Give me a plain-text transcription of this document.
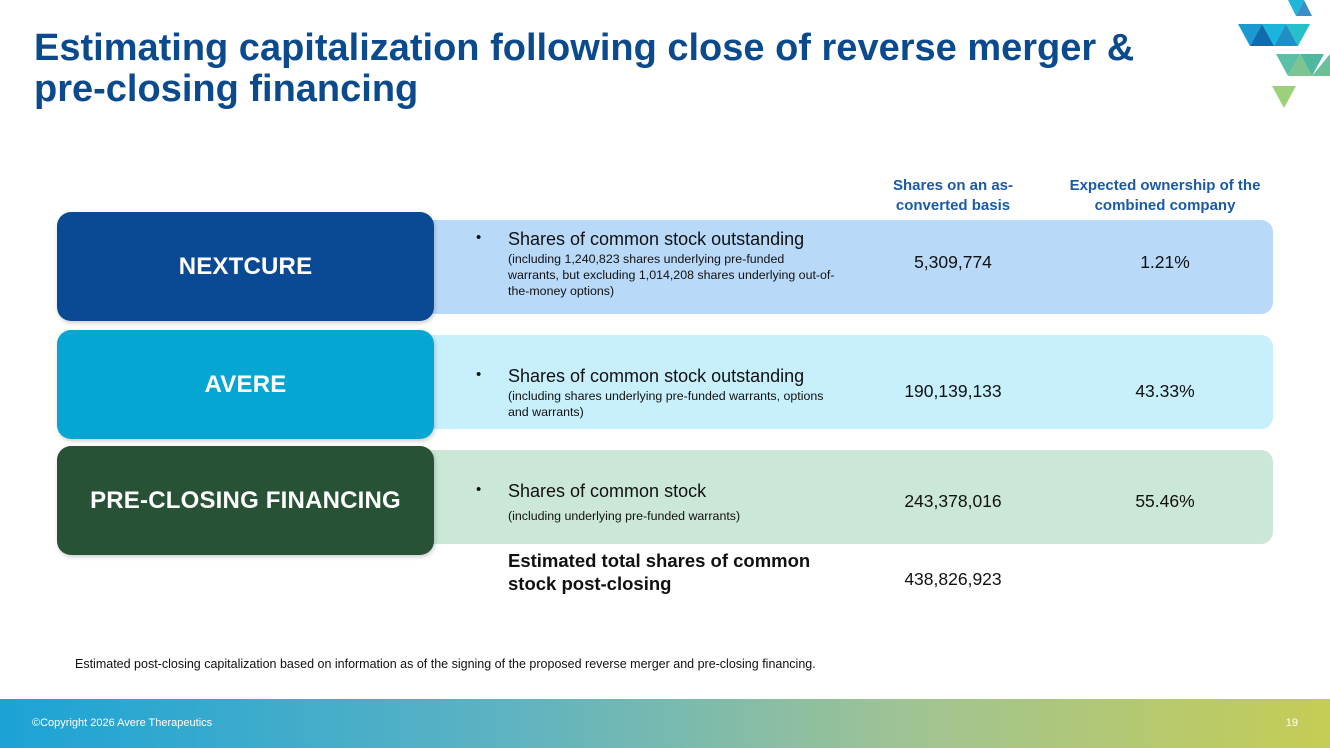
Estimating capitalization following close of reverse merger & pre-closing financing
Shares on an as-converted basis
Expected ownership of the combined company
NEXTCURE
• Shares of common stock outstanding
(including 1,240,823 shares underlying pre-funded warrants, but excluding 1,014,208 shares underlying out-of-the-money options)
5,309,774	1.21%
AVERE	• Shares of common stock outstanding
(including shares underlying pre-funded warrants, options and warrants)
190,139,133	43.33%
PRE-CLOSING FINANCING	• Shares of common stock
(including underlying pre-funded warrants)
243,378,016	55.46%
Estimated total shares of common stock post-closing	438,826,923
Estimated post-closing capitalization based on information as of the signing of the proposed reverse merger and pre-closing financing.
©Copyright 2026 Avere Therapeutics	19
